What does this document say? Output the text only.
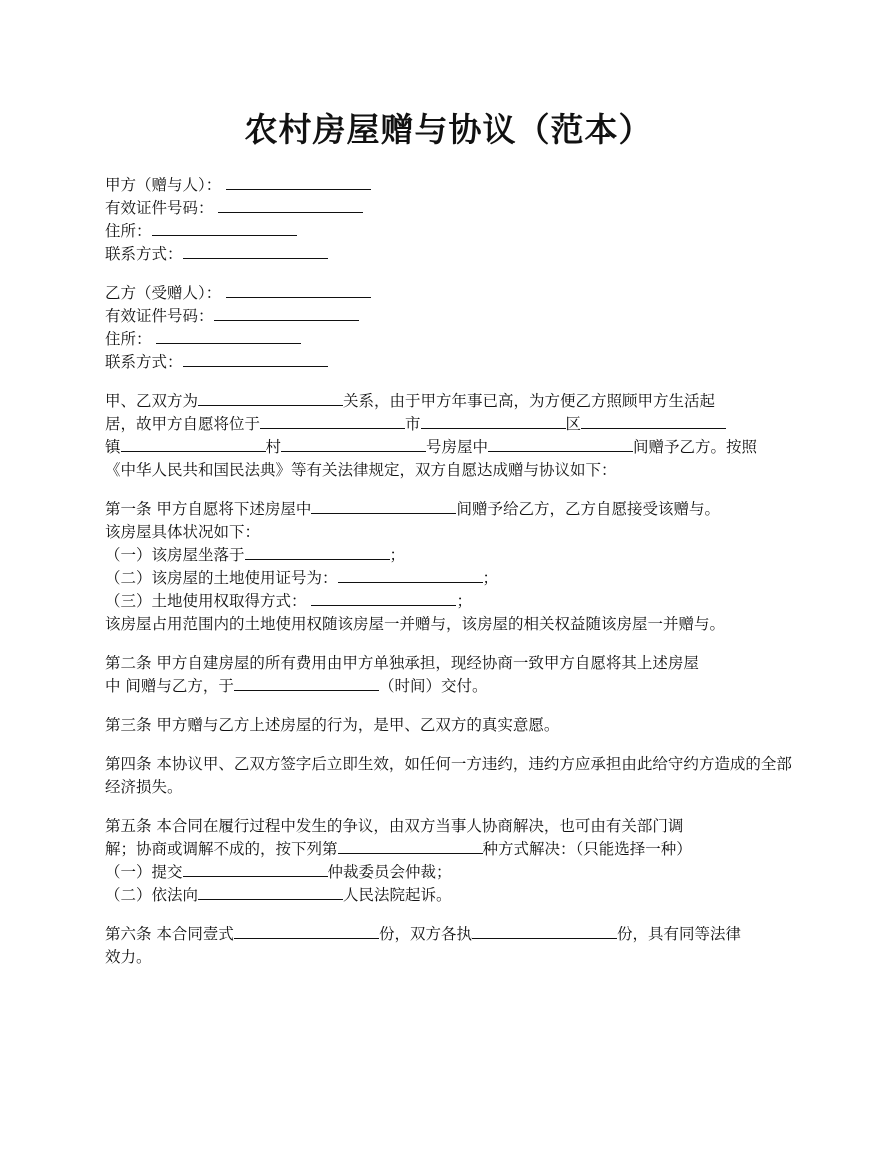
农村房屋赠与协议（范本）
甲方（赠与人）：
有效证件号码：
住所：
联系方式：
乙方（受赠人）：
有效证件号码：
住所：
联系方式：
甲、乙双方为	关系，由于甲方年事已高，为方便乙方照顾甲方生活起
居，故甲方自愿将位于	市	区
镇	村	号房屋中	间赠予乙方。按照
《中华人民共和国民法典》等有关法律规定，双方自愿达成赠与协议如下：
第一条 甲方自愿将下述房屋中	间赠予给乙方，乙方自愿接受该赠与。
该房屋具体状况如下：
（一）该房屋坐落于	；
（二）该房屋的土地使用证号为：	；
（三）土地使用权取得方式：	；
该房屋占用范围内的土地使用权随该房屋一并赠与，该房屋的相关权益随该房屋一并赠与。
第二条 甲方自建房屋的所有费用由甲方单独承担，现经协商一致甲方自愿将其上述房屋
中 间赠与乙方，于	（时间）交付。
第三条 甲方赠与乙方上述房屋的行为，是甲、乙双方的真实意愿。
第四条 本协议甲、乙双方签字后立即生效，如任何一方违约，违约方应承担由此给守约方造成的全部经济损失。
第五条 本合同在履行过程中发生的争议，由双方当事人协商解决，也可由有关部门调
解；协商或调解不成的，按下列第	种方式解决：（只能选择一种）
（一）提交	仲裁委员会仲裁；
（二）依法向	人民法院起诉。
第六条 本合同壹式	份，双方各执	份，具有同等法律
效力。
